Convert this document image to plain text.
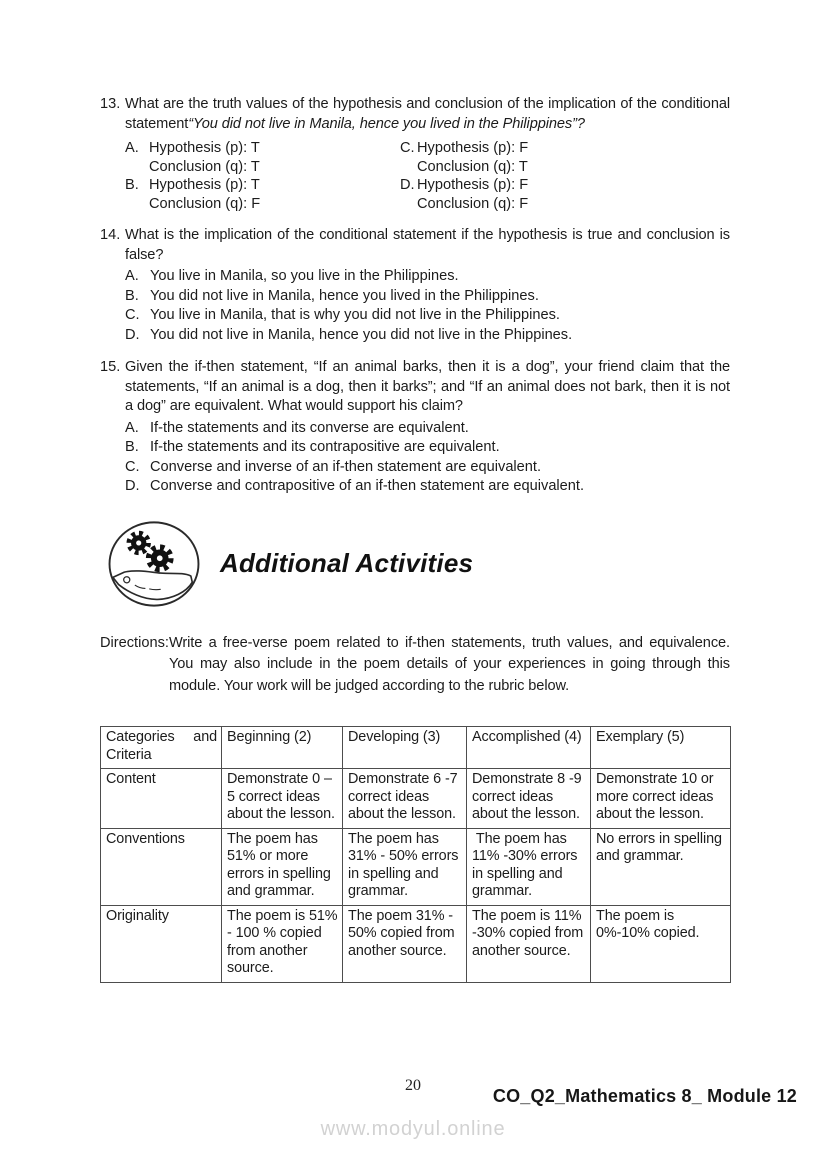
13. What are the truth values of the hypothesis and conclusion of the implication of the conditional statement“You did not live in Manila, hence you lived in the Philippines”?

A. Hypothesis (p): T
Conclusion (q): T
B. Hypothesis (p): T
Conclusion (q): F
C. Hypothesis (p): F
Conclusion (q): T
D. Hypothesis (p): F
Conclusion (q): F
14. What is the implication of the conditional statement if the hypothesis is true and conclusion is false?

A. You live in Manila, so you live in the Philippines.
B. You did not live in Manila, hence you lived in the Philippines.
C. You live in Manila, that is why you did not live in the Philippines.
D. You did not live in Manila, hence you did not live in the Phippines.
15. Given the if-then statement, “If an animal barks, then it is a dog”, your friend claim that the statements, “If an animal is a dog, then it barks”; and “If an animal does not bark, then it is not a dog” are equivalent. What would support his claim?

A. If-the statements and its converse are equivalent.
B. If-the statements and its contrapositive are equivalent.
C. Converse and inverse of an if-then statement are equivalent.
D. Converse and contrapositive of an if-then statement are equivalent.
Additional Activities
Directions: Write a free-verse poem related to if-then statements, truth values, and equivalence. You may also include in the poem details of your experiences in going through this module. Your work will be judged according to the rubric below.

Categories and Criteria	Beginning (2)	Developing (3)	Accomplished (4)	Exemplary (5)
Content	Demonstrate 0 – 5 correct ideas about the lesson.	Demonstrate 6 -7 correct ideas about the lesson.	Demonstrate 8 -9 correct ideas about the lesson.	Demonstrate 10 or more correct ideas about the lesson.
Conventions	The poem has 51% or more errors in spelling and grammar.	The poem has 31% - 50% errors in spelling and grammar.	The poem has 11% -30% errors in spelling and grammar.	No errors in spelling and grammar.
Originality	The poem is 51% - 100 % copied from another source.	The poem 31% - 50% copied from another source.	The poem is 11% -30% copied from another source.	The poem is 0%-10% copied.
20
CO_Q2_Mathematics 8_ Module 12
www.modyul.online
